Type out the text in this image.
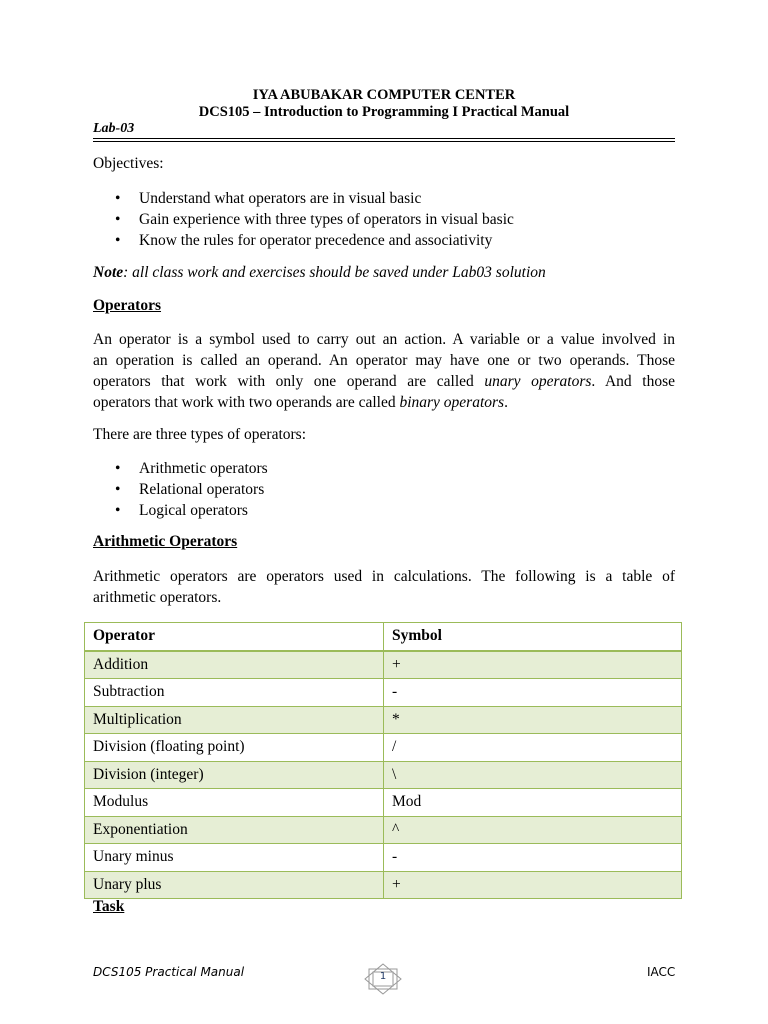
IYA ABUBAKAR COMPUTER CENTER
DCS105 – Introduction to Programming I Practical Manual
Lab-03
Objectives:
• Understand what operators are in visual basic
• Gain experience with three types of operators in visual basic
• Know the rules for operator precedence and associativity
Note: all class work and exercises should be saved under Lab03 solution
Operators
An operator is a symbol used to carry out an action. A variable or a value involved in
an operation is called an operand. An operator may have one or two operands. Those
operators that work with only one operand are called unary operators. And those
operators that work with two operands are called binary operators.
There are three types of operators:
• Arithmetic operators
• Relational operators
• Logical operators
Arithmetic Operators
Arithmetic operators are operators used in calculations. The following is a table of
arithmetic operators.
Operator	Symbol
Addition	+
Subtraction	-
Multiplication	*
Division (floating point)	/
Division (integer)	\
Modulus	Mod
Exponentiation	^
Unary minus	-
Unary plus	+
Task
DCS105 Practical Manual	1	IACC
